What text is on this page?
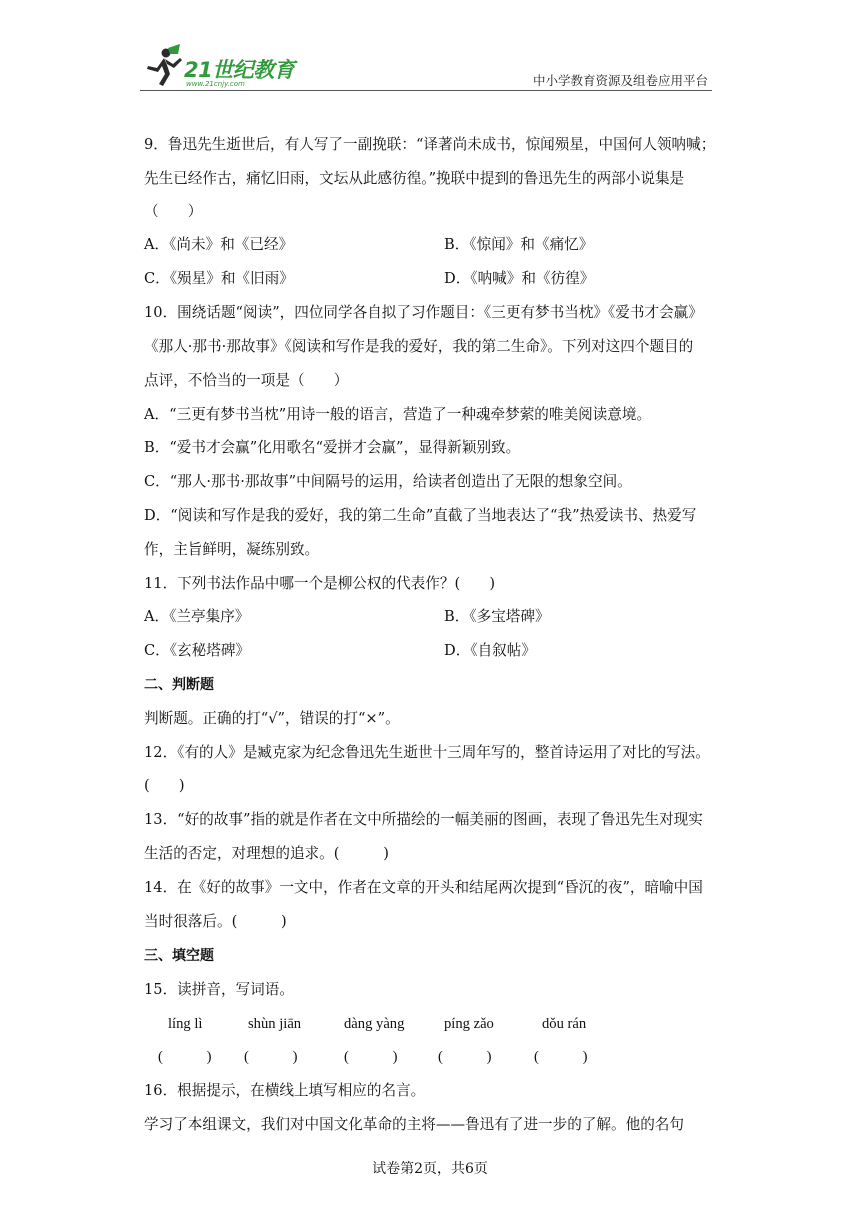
21世纪教育
www.21cnjy.com	中小学教育资源及组卷应用平台
9．鲁迅先生逝世后，有人写了一副挽联：“译著尚未成书，惊闻殒星，中国何人领呐喊；
先生已经作古，痛忆旧雨，文坛从此感彷徨。”挽联中提到的鲁迅先生的两部小说集是
（　　）
A．《尚未》和《已经》	B．《惊闻》和《痛忆》
C．《殒星》和《旧雨》	D．《呐喊》和《彷徨》
10．围绕话题“阅读”，四位同学各自拟了习作题目：《三更有梦书当枕》《爱书才会赢》
《那人·那书·那故事》《阅读和写作是我的爱好，我的第二生命》。下列对这四个题目的
点评，不恰当的一项是（　　）
A．“三更有梦书当枕”用诗一般的语言，营造了一种魂牵梦萦的唯美阅读意境。
B．“爱书才会赢”化用歌名“爱拼才会赢”，显得新颖别致。
C．“那人·那书·那故事”中间隔号的运用，给读者创造出了无限的想象空间。
D．“阅读和写作是我的爱好，我的第二生命”直截了当地表达了“我”热爱读书、热爱写
作，主旨鲜明，凝练别致。
11．下列书法作品中哪一个是柳公权的代表作？(　　)
A．《兰亭集序》	B．《多宝塔碑》
C．《玄秘塔碑》	D．《自叙帖》
二、判断题
判断题。正确的打“√”，错误的打“×”。
12．《有的人》是臧克家为纪念鲁迅先生逝世十三周年写的，整首诗运用了对比的写法。
(　　)
13．“好的故事”指的就是作者在文中所描绘的一幅美丽的图画，表现了鲁迅先生对现实
生活的否定，对理想的追求。(　　　)
14．在《好的故事》一文中，作者在文章的开头和结尾两次提到“昏沉的夜”，暗喻中国
当时很落后。(　　　)
三、填空题
15．读拼音，写词语。
líng lì	shùn jiān	dàng yàng	píng zǎo	dǒu rán
(　　　) (　　　)	(　　　)	(　　　)	(　　　)
16．根据提示，在横线上填写相应的名言。
学习了本组课文，我们对中国文化革命的主将——鲁迅有了进一步的了解。他的名句
试卷第2页，共6页
